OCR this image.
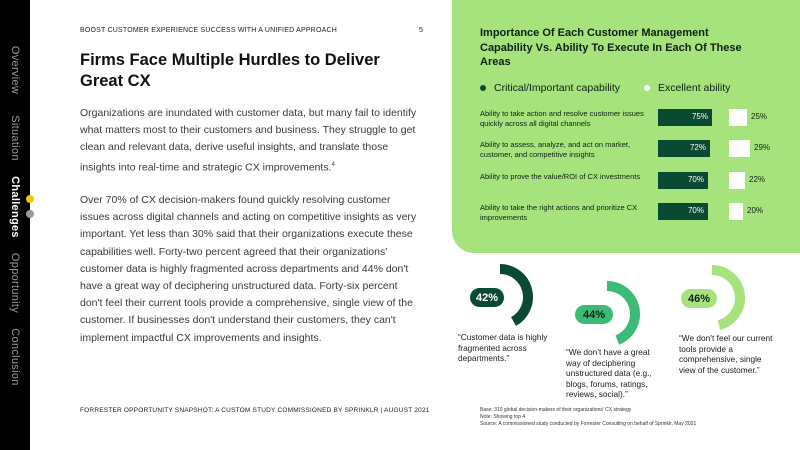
Overview
Situation
Challenges
Opportunity
Conclusion
BOOST CUSTOMER EXPERIENCE SUCCESS WITH A UNIFIED APPROACH	5
Firms Face Multiple Hurdles to Deliver Great CX
Organizations are inundated with customer data, but many fail to identify what matters most to their customers and business. They struggle to get clean and relevant data, derive useful insights, and translate those insights into real-time and strategic CX improvements.$^4$
Over 70% of CX decision-makers found quickly resolving customer issues across digital channels and acting on competitive insights as very important. Yet less than 30% said that their organizations execute these capabilities well. Forty-two percent agreed that their organizations' customer data is highly fragmented across departments and 44% don't have a great way of deciphering unstructured data. Forty-six percent don't feel their current tools provide a comprehensive, single view of the customer. If businesses don't understand their customers, they can't implement impactful CX improvements and insights.
FORRESTER OPPORTUNITY SNAPSHOT: A CUSTOM STUDY COMMISSIONED BY SPRINKLR | AUGUST 2021
Importance Of Each Customer Management Capability Vs. Ability To Execute In Each Of These Areas
Critical/Important capability	Excellent ability
Ability to take action and resolve customer issues quickly across all digital channels
75%	25%
Ability to assess, analyze, and act on market, customer, and competitive insights
72%	29%
Ability to prove the value/ROI of CX investments	70%	22%
Ability to take the right actions and prioritize CX improvements
70%	20%
42%
“Customer data is highly fragmented across departments.”
44%
“We don’t have a great way of deciphering unstructured data (e.g., blogs, forums, ratings, reviews, social).”
46%
“We don’t feel our current tools provide a comprehensive, single view of the customer.”
Base: 310 global decision-makers of their organizations’ CX strategy
Note: Showing top 4
Source: A commissioned study conducted by Forrester Consulting on behalf of Sprinklr, May 2021
